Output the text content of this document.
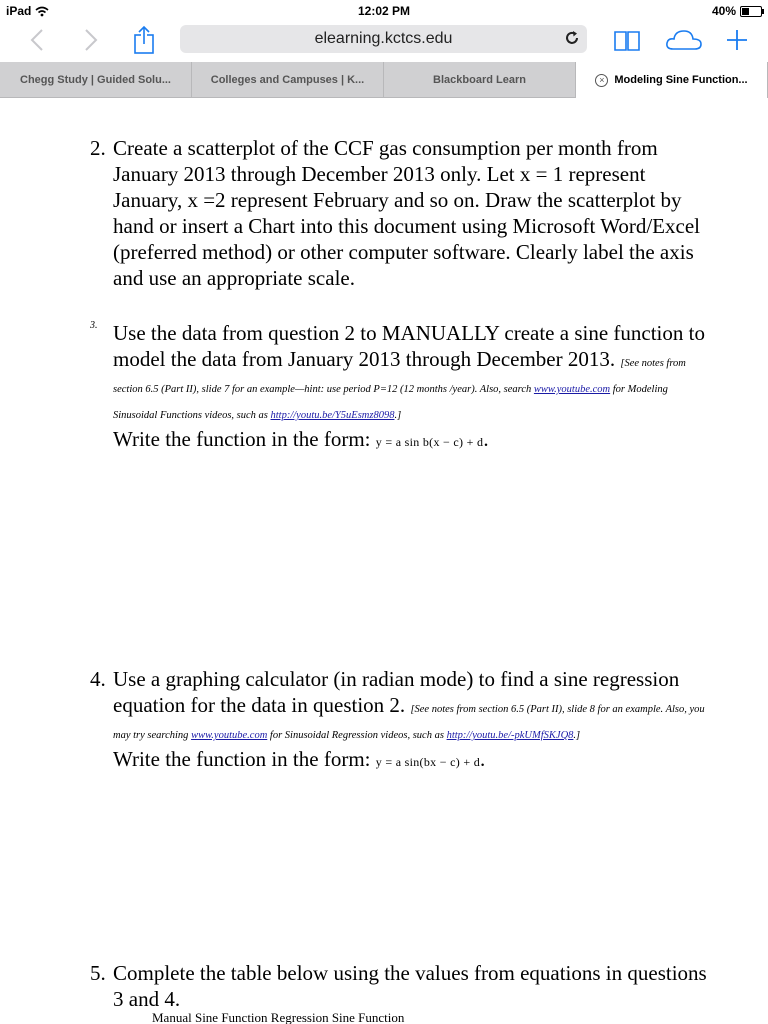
iPad	12:02 PM	40%
elearning.kctcs.edu
Chegg Study | Guided Solu...	Colleges and Campuses | K...	Blackboard Learn	× Modeling Sine Function...
2. Create a scatterplot of the CCF gas consumption per month from January 2013 through December 2013 only. Let x = 1 represent January, x =2 represent February and so on. Draw the scatterplot by hand or insert a Chart into this document using Microsoft Word/Excel (preferred method) or other computer software. Clearly label the axis and use an appropriate scale.
3. Use the data from question 2 to MANUALLY create a sine function to model the data from January 2013 through December 2013. [See notes from section 6.5 (Part II), slide 7 for an example—hint: use period P=12 (12 months /year). Also, search www.youtube.com for Modeling Sinusoidal Functions videos, such as http://youtu.be/Y5uEsmz8098.]
Write the function in the form: y = a sin b(x − c) + d.
4. Use a graphing calculator (in radian mode) to find a sine regression equation for the data in question 2. [See notes from section 6.5 (Part II), slide 8 for an example. Also, you may try searching www.youtube.com for Sinusoidal Regression videos, such as http://youtu.be/-pkUMfSKJQ8.]
Write the function in the form: y = a sin(bx − c) + d.
5. Complete the table below using the values from equations in questions 3 and 4.
Manual Sine Function Regression Sine Function
